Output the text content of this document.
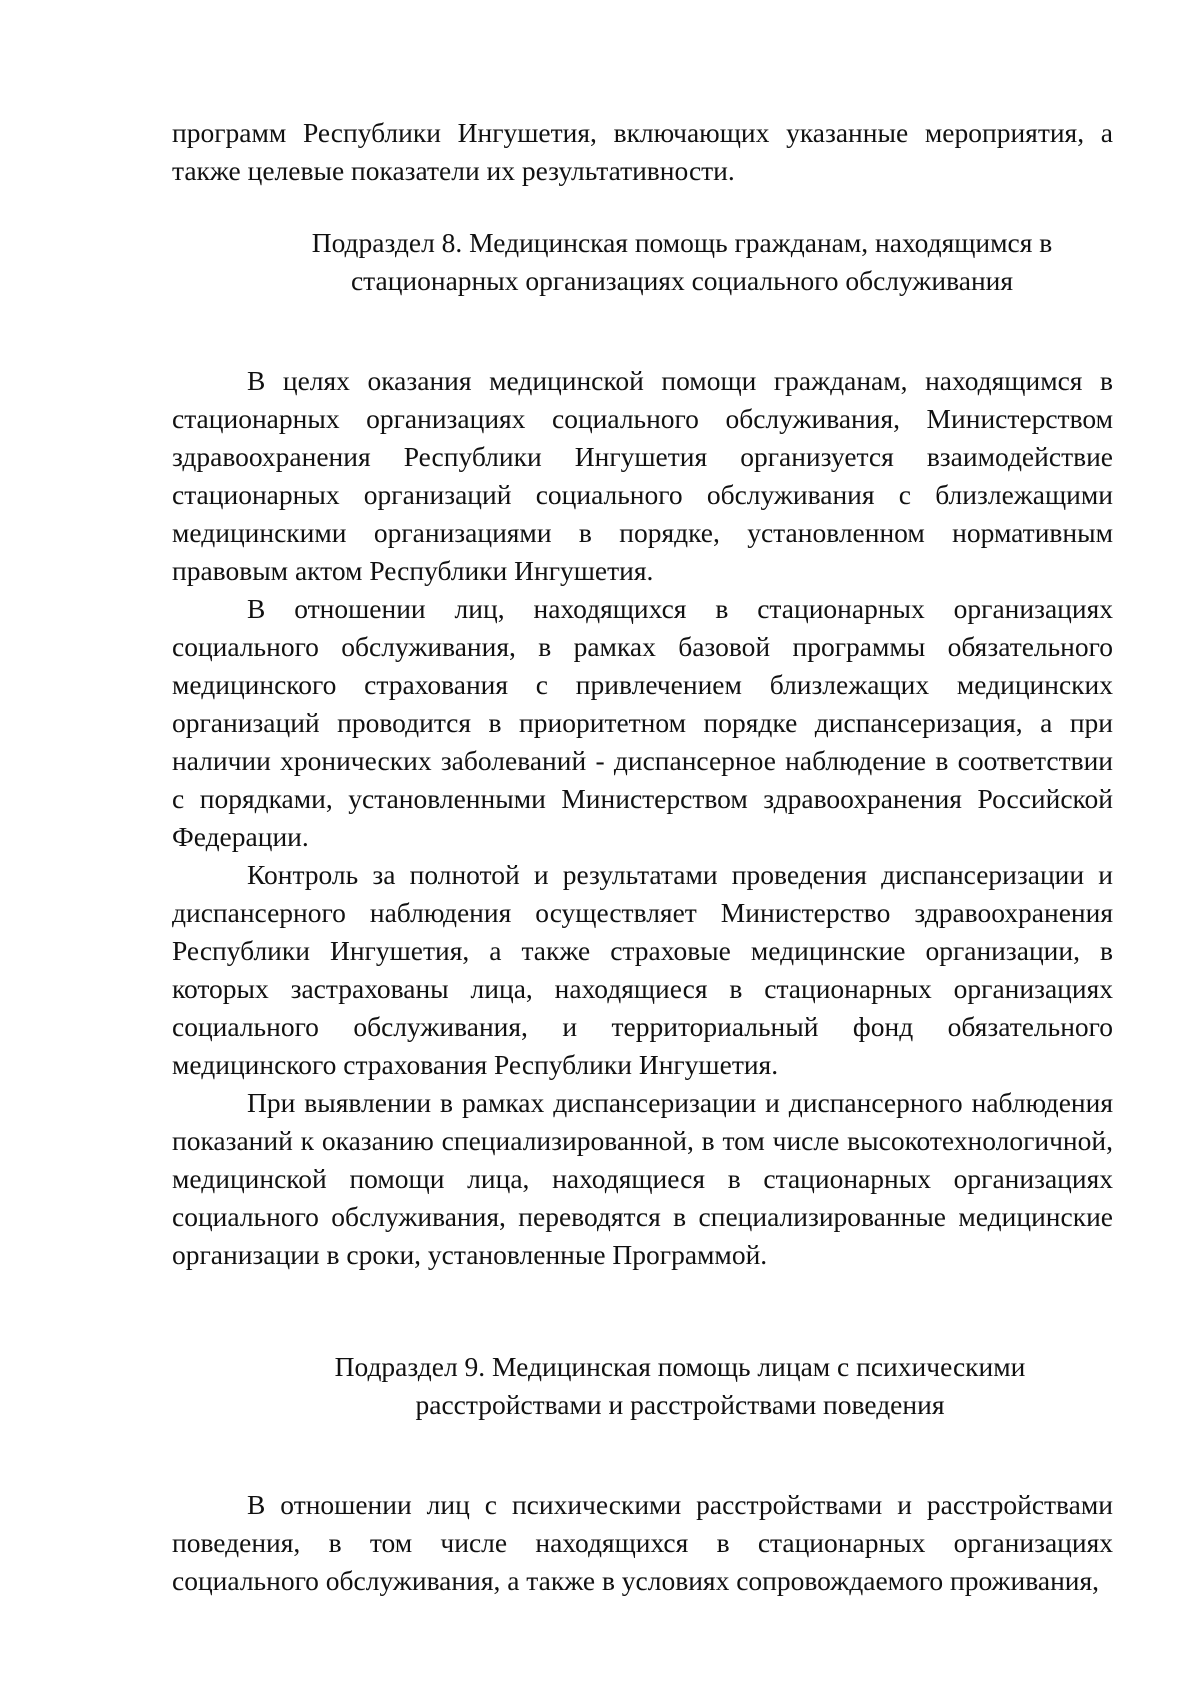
программ Республики Ингушетия, включающих указанные мероприятия, а также целевые показатели их результативности.

Подраздел 8. Медицинская помощь гражданам, находящимся в
стационарных организациях социального обслуживания

В целях оказания медицинской помощи гражданам, находящимся в стационарных организациях социального обслуживания, Министерством здравоохранения Республики Ингушетия организуется взаимодействие стационарных организаций социального обслуживания с близлежащими медицинскими организациями в порядке, установленном нормативным правовым актом Республики Ингушетия.

В отношении лиц, находящихся в стационарных организациях социального обслуживания, в рамках базовой программы обязательного медицинского страхования с привлечением близлежащих медицинских организаций проводится в приоритетном порядке диспансеризация, а при наличии хронических заболеваний - диспансерное наблюдение в соответствии с порядками, установленными Министерством здравоохранения Российской Федерации.

Контроль за полнотой и результатами проведения диспансеризации и диспансерного наблюдения осуществляет Министерство здравоохранения Республики Ингушетия, а также страховые медицинские организации, в которых застрахованы лица, находящиеся в стационарных организациях социального обслуживания, и территориальный фонд обязательного медицинского страхования Республики Ингушетия.

При выявлении в рамках диспансеризации и диспансерного наблюдения показаний к оказанию специализированной, в том числе высокотехнологичной, медицинской помощи лица, находящиеся в стационарных организациях социального обслуживания, переводятся в специализированные медицинские организации в сроки, установленные Программой.

Подраздел 9. Медицинская помощь лицам с психическими
расстройствами и расстройствами поведения

В отношении лиц с психическими расстройствами и расстройствами поведения, в том числе находящихся в стационарных организациях социального обслуживания, а также в условиях сопровождаемого проживания,
